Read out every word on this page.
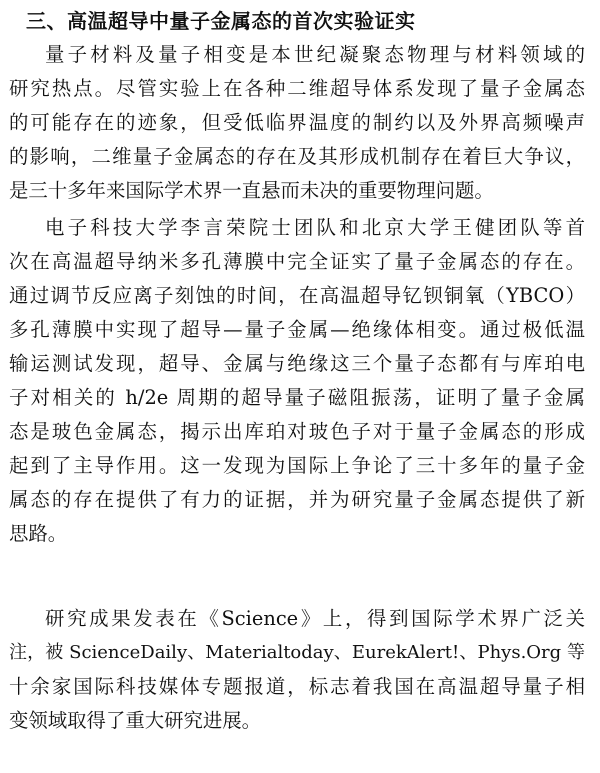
三、高温超导中量子金属态的首次实验证实
量子材料及量子相变是本世纪凝聚态物理与材料领域的
研究热点。尽管实验上在各种二维超导体系发现了量子金属态
的可能存在的迹象，但受低临界温度的制约以及外界高频噪声
的影响，二维量子金属态的存在及其形成机制存在着巨大争议，
是三十多年来国际学术界一直悬而未决的重要物理问题。
电子科技大学李言荣院士团队和北京大学王健团队等首
次在高温超导纳米多孔薄膜中完全证实了量子金属态的存在。
通过调节反应离子刻蚀的时间，在高温超导钇钡铜氧（YBCO）
多孔薄膜中实现了超导—量子金属—绝缘体相变。通过极低温
输运测试发现，超导、金属与绝缘这三个量子态都有与库珀电
子对相关的 h/2e 周期的超导量子磁阻振荡，证明了量子金属
态是玻色金属态，揭示出库珀对玻色子对于量子金属态的形成
起到了主导作用。这一发现为国际上争论了三十多年的量子金
属态的存在提供了有力的证据，并为研究量子金属态提供了新
思路。
研究成果发表在《Science》上，得到国际学术界广泛关
注，被 ScienceDaily、Materialtoday、EurekAlert!、Phys.Org 等
十余家国际科技媒体专题报道，标志着我国在高温超导量子相
变领域取得了重大研究进展。
